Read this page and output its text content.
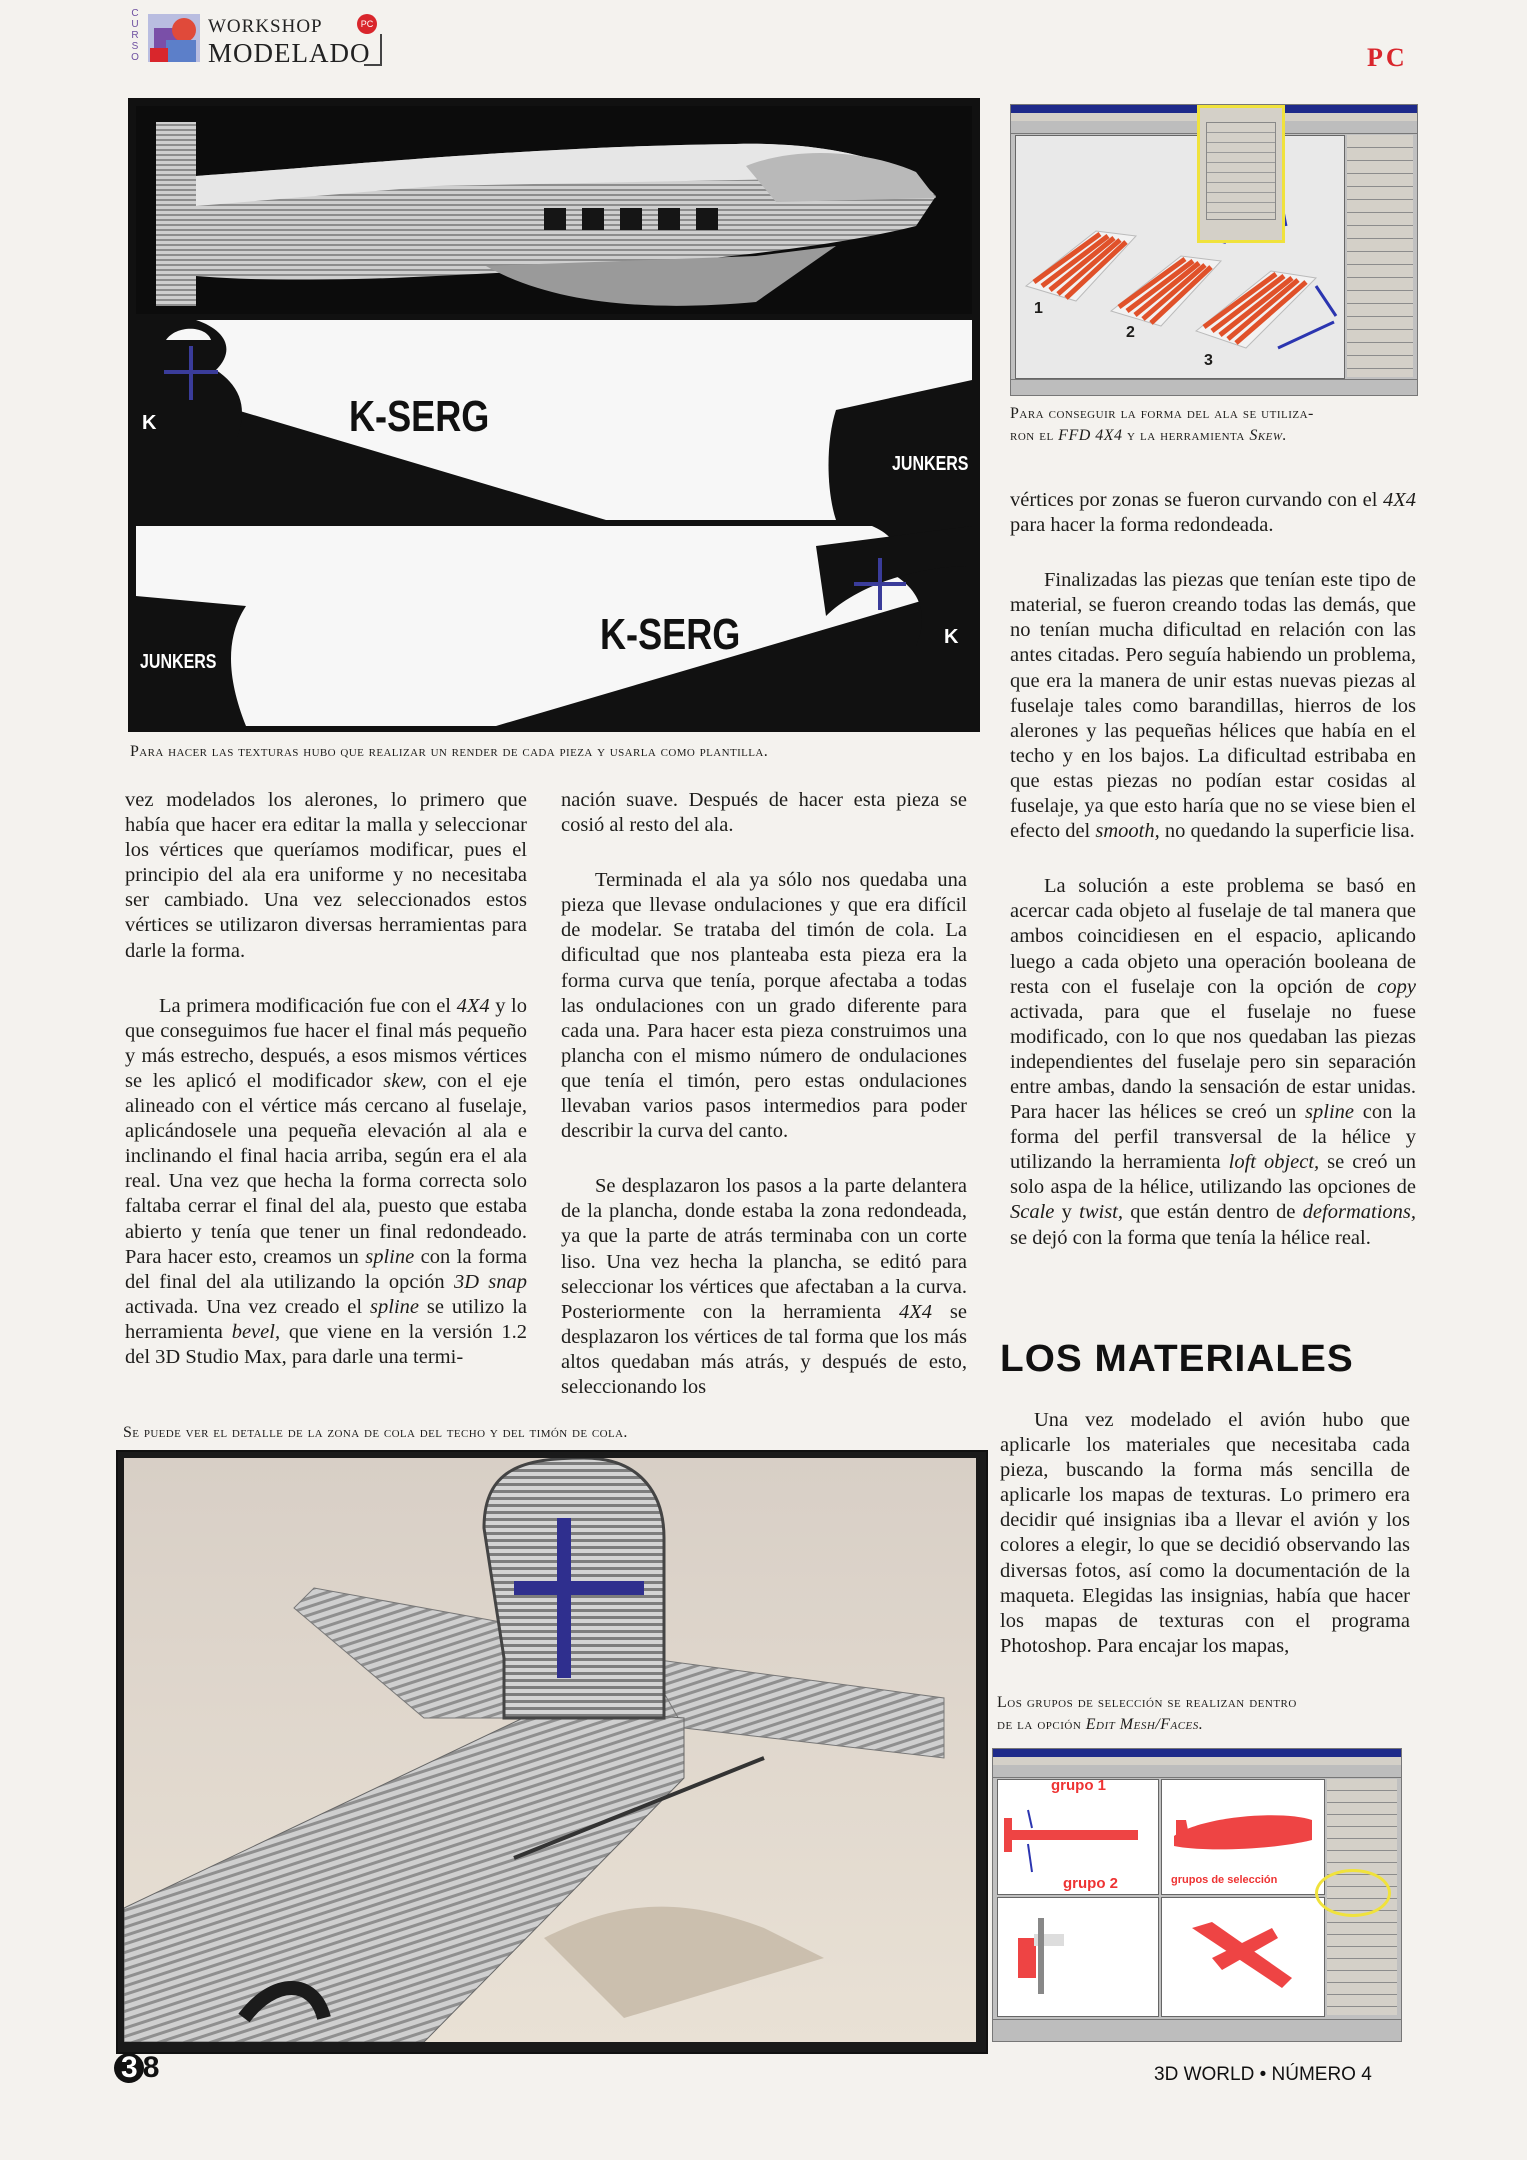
CURSO
WORKSHOP
MODELADO
PC
PC
K	K-SERG
JUNKERS
JUNKERS
K-SERG	K
Para hacer las texturas hubo que realizar un render de cada pieza y usarla como plantilla.
1
2
3
Para conseguir la forma del ala se utiliza-
ron el FFD 4X4 y la herramienta Skew.

vez modelados los alerones, lo primero que había que hacer era editar la malla y seleccionar los vértices que queríamos modificar, pues el principio del ala era uniforme y no necesitaba ser cambiado. Una vez seleccionados estos vértices se utilizaron diversas herramientas para darle la forma.

La primera modificación fue con el 4X4 y lo que conseguimos fue hacer el final más pequeño y más estrecho, después, a esos mismos vértices se les aplicó el modificador skew, con el eje alineado con el vértice más cercano al fuselaje, aplicándosele una pequeña elevación al ala e inclinando el final hacia arriba, según era el ala real. Una vez que hecha la forma correcta solo faltaba cerrar el final del ala, puesto que estaba abierto y tenía que tener un final redondeado. Para hacer esto, creamos un spline con la forma del final del ala utilizando la opción 3D snap activada. Una vez creado el spline se utilizo la herramienta bevel, que viene en la versión 1.2 del 3D Studio Max, para darle una termi-

nación suave. Después de hacer esta pieza se cosió al resto del ala.

Terminada el ala ya sólo nos quedaba una pieza que llevase ondulaciones y que era difícil de modelar. Se trataba del timón de cola. La dificultad que nos planteaba esta pieza era la forma curva que tenía, porque afectaba a todas las ondulaciones con un grado diferente para cada una. Para hacer esta pieza construimos una plancha con el mismo número de ondulaciones que tenía el timón, pero estas ondulaciones llevaban varios pasos intermedios para poder describir la curva del canto.

Se desplazaron los pasos a la parte delantera de la plancha, donde estaba la zona redondeada, ya que la parte de atrás terminaba con un corte liso. Una vez hecha la plancha, se editó para seleccionar los vértices que afectaban a la curva. Posteriormente con la herramienta 4X4 se desplazaron los vértices de tal forma que los más altos quedaban más atrás, y después de esto, seleccionando los

vértices por zonas se fueron curvando con el 4X4 para hacer la forma redondeada.

Finalizadas las piezas que tenían este tipo de material, se fueron creando todas las demás, que no tenían mucha dificultad en relación con las antes citadas. Pero seguía habiendo un problema, que era la manera de unir estas nuevas piezas al fuselaje tales como barandillas, hierros de los alerones y las pequeñas hélices que había en el techo y en los bajos. La dificultad estribaba en que estas piezas no podían estar cosidas al fuselaje, ya que esto haría que no se viese bien el efecto del smooth, no quedando la superficie lisa.

La solución a este problema se basó en acercar cada objeto al fuselaje de tal manera que ambos coincidiesen en el espacio, aplicando luego a cada objeto una operación booleana de resta con el fuselaje con la opción de copy activada, para que el fuselaje no fuese modificado, con lo que nos quedaban las piezas independientes del fuselaje pero sin separación entre ambas, dando la sensación de estar unidas. Para hacer las hélices se creó un spline con la forma del perfil transversal de la hélice y utilizando la herramienta loft object, se creó un solo aspa de la hélice, utilizando las opciones de Scale y twist, que están dentro de deformations, se dejó con la forma que tenía la hélice real.

LOS MATERIALES

Una vez modelado el avión hubo que aplicarle los materiales que necesitaba cada pieza, buscando la forma más sencilla de aplicarle los mapas de texturas. Lo primero era decidir qué insignias iba a llevar el avión y los colores a elegir, lo que se decidió observando las diversas fotos, así como la documentación de la maqueta. Elegidas las insignias, había que hacer los mapas de texturas con el programa Photoshop. Para encajar los mapas,

Se puede ver el detalle de la zona de cola del techo y del timón de cola.
Los grupos de selección se realizan dentro
de la opción Edit Mesh/Faces.
grupo 1
grupo 2	grupos de selección
3 8	3D WORLD • NÚMERO 4
